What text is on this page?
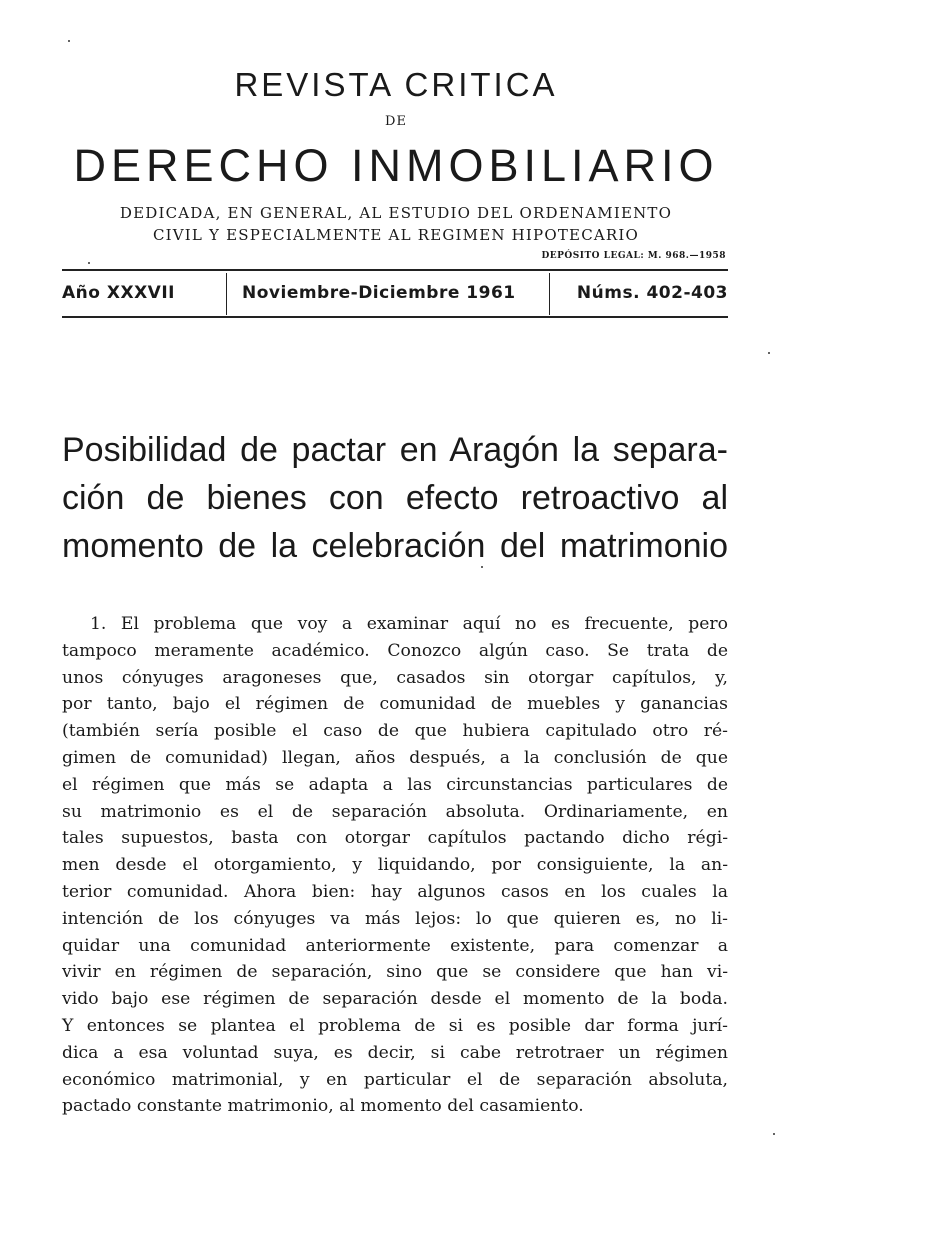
REVISTA CRITICA
DE
DERECHO INMOBILIARIO
DEDICADA, EN GENERAL, AL ESTUDIO DEL ORDENAMIENTO
CIVIL Y ESPECIALMENTE AL REGIMEN HIPOTECARIO
DEPÓSITO LEGAL: M. 968.—1958
Año XXXVII	Noviembre-Diciembre 1961	Núms. 402-403
Posibilidad de pactar en Aragón la separa-
ción de bienes con efecto retroactivo al
momento de la celebración del matrimonio
1. El problema que voy a examinar aquí no es frecuente, pero
tampoco meramente académico. Conozco algún caso. Se trata de
unos cónyuges aragoneses que, casados sin otorgar capítulos, y,
por tanto, bajo el régimen de comunidad de muebles y ganancias
(también sería posible el caso de que hubiera capitulado otro ré-
gimen de comunidad) llegan, años después, a la conclusión de que
el régimen que más se adapta a las circunstancias particulares de
su matrimonio es el de separación absoluta. Ordinariamente, en
tales supuestos, basta con otorgar capítulos pactando dicho régi-
men desde el otorgamiento, y liquidando, por consiguiente, la an-
terior comunidad. Ahora bien: hay algunos casos en los cuales la
intención de los cónyuges va más lejos: lo que quieren es, no li-
quidar una comunidad anteriormente existente, para comenzar a
vivir en régimen de separación, sino que se considere que han vi-
vido bajo ese régimen de separación desde el momento de la boda.
Y entonces se plantea el problema de si es posible dar forma jurí-
dica a esa voluntad suya, es decir, si cabe retrotraer un régimen
económico matrimonial, y en particular el de separación absoluta,
pactado constante matrimonio, al momento del casamiento.
